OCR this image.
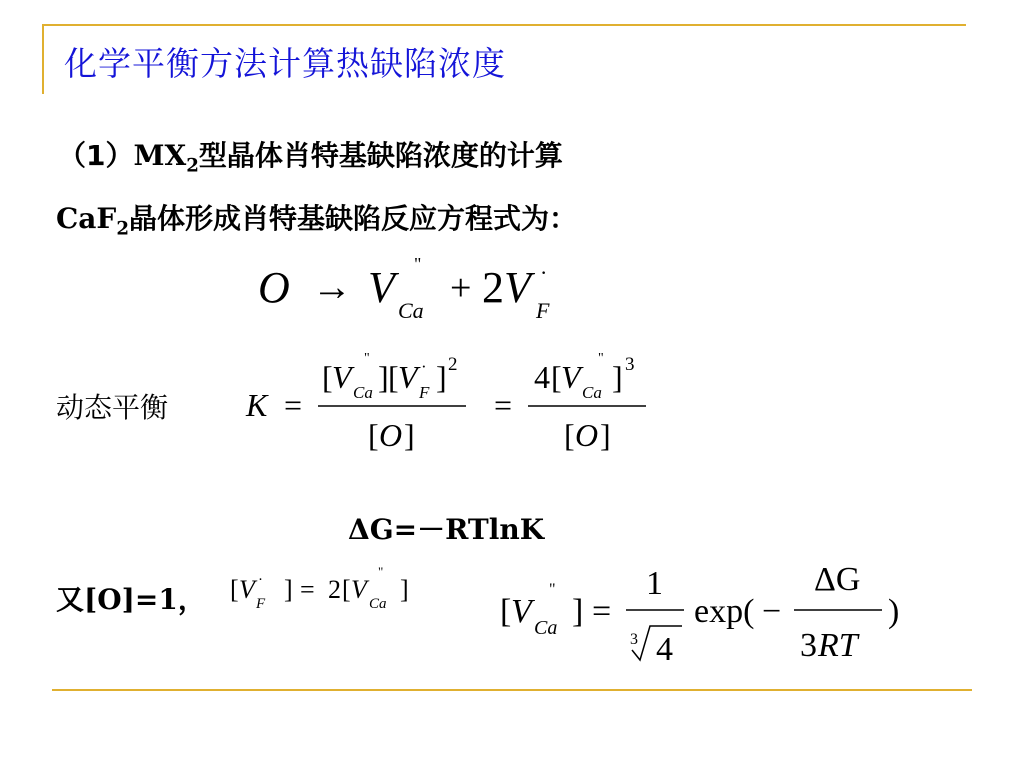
化学平衡方法计算热缺陷浓度
$(1)MX_2$型晶体肖特基缺陷浓度的计算
CaF$_2$晶体形成肖特基缺陷反应方程式为：
O → V Ca
"
+ 2 V F
·
动态平衡 K =
[ V Ca
"
] [ V F
· ] 2
[ O ]
=
4 [ V Ca
"
] 3
[ O ]
ΔG=－RTlnK
又[O]=1， [ V F
· ] = 2 [ V Ca
"
]
[ V Ca
"
] =
1
3 4
exp( −
ΔG
3 RT
)
